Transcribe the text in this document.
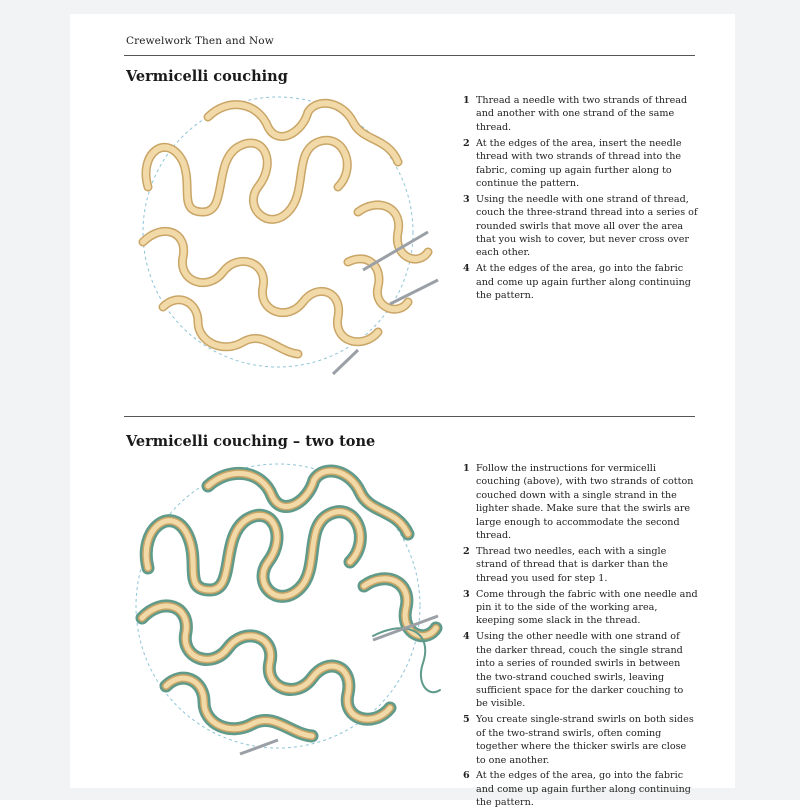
Crewelwork Then and Now
Vermicelli couching
1 Thread a needle with two strands of thread and another with one strand of the same thread.
2 At the edges of the area, insert the needle thread with two strands of thread into the fabric, coming up again further along to continue the pattern.
3 Using the needle with one strand of thread, couch the three-strand thread into a series of rounded swirls that move all over the area that you wish to cover, but never cross over each other.
4 At the edges of the area, go into the fabric and come up again further along continuing the pattern.
Vermicelli couching – two tone
1 Follow the instructions for vermicelli couching (above), with two strands of cotton couched down with a single strand in the lighter shade. Make sure that the swirls are large enough to accommodate the second thread.
2 Thread two needles, each with a single strand of thread that is darker than the thread you used for step 1.
3 Come through the fabric with one needle and pin it to the side of the working area, keeping some slack in the thread.
4 Using the other needle with one strand of the darker thread, couch the single strand into a series of rounded swirls in between the two-strand couched swirls, leaving sufficient space for the darker couching to be visible.
5 You create single-strand swirls on both sides of the two-strand swirls, often coming together where the thicker swirls are close to one another.
6 At the edges of the area, go into the fabric and come up again further along continuing the pattern.
